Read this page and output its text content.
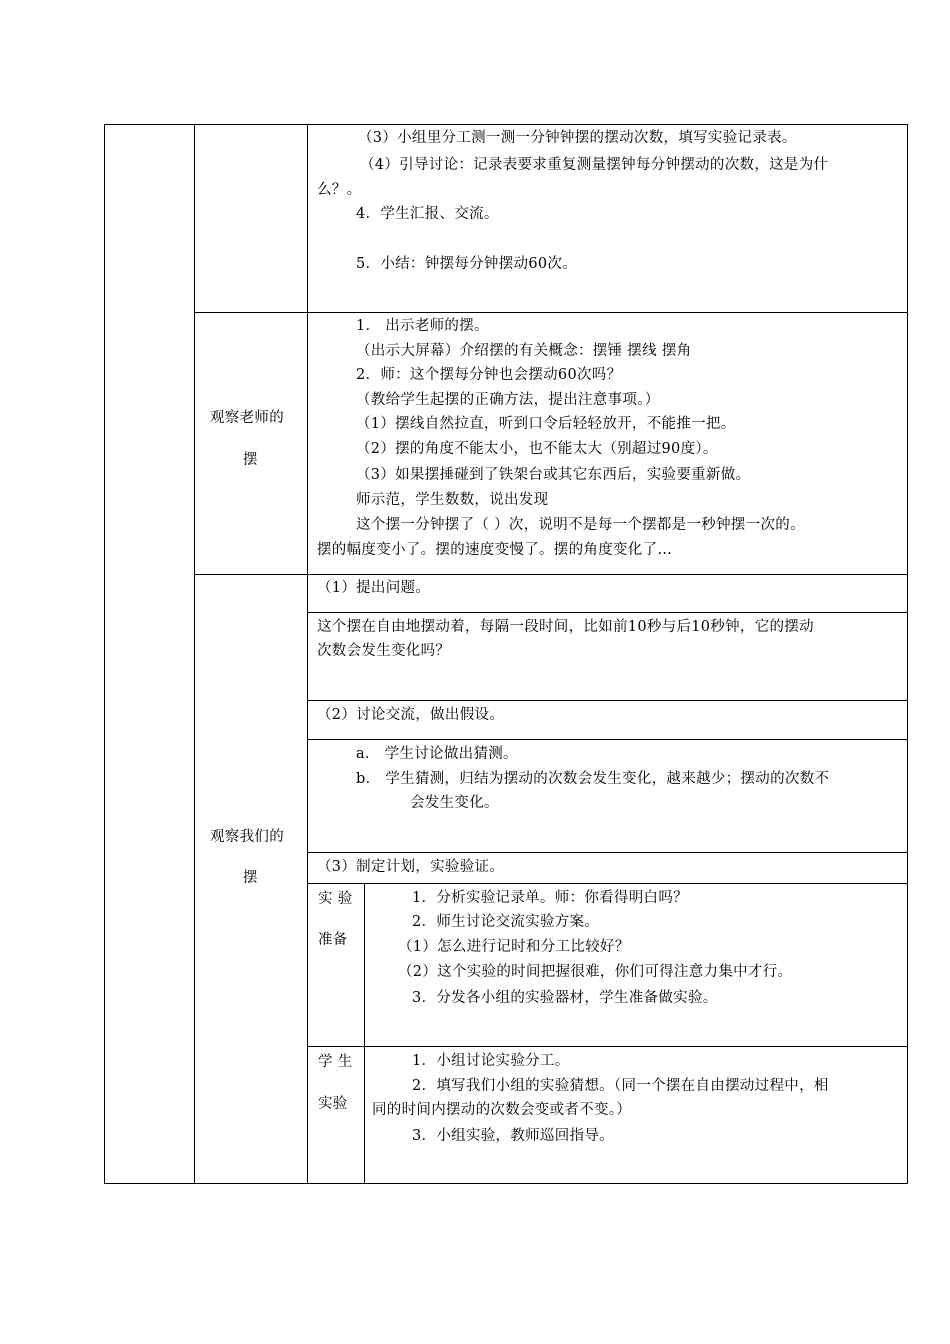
（3）小组里分工测一测一分钟钟摆的摆动次数，填写实验记录表。
（4）引导讨论：记录表要求重复测量摆钟每分钟摆动的次数，这是为什
么？。
4．学生汇报、交流。
5．小结：钟摆每分钟摆动60次。
观察老师的
摆
1． 出示老师的摆。
（出示大屏幕）介绍摆的有关概念：摆锤 摆线 摆角
2．师：这个摆每分钟也会摆动60次吗？
（教给学生起摆的正确方法，提出注意事项。）
（1）摆线自然拉直，听到口令后轻轻放开，不能推一把。
（2）摆的角度不能太小，也不能太大（别超过90度）。
（3）如果摆捶碰到了铁架台或其它东西后，实验要重新做。
师示范，学生数数，说出发现
这个摆一分钟摆了（ ）次，说明不是每一个摆都是一秒钟摆一次的。
摆的幅度变小了。摆的速度变慢了。摆的角度变化了…
观察我们的
摆
（1）提出问题。
这个摆在自由地摆动着，每隔一段时间，比如前10秒与后10秒钟，它的摆动
次数会发生变化吗？
（2）讨论交流，做出假设。
a． 学生讨论做出猜测。
b． 学生猜测，归结为摆动的次数会发生变化，越来越少；摆动的次数不
会发生变化。
（3）制定计划，实验验证。
实 验
准备
1．分析实验记录单。师：你看得明白吗？
2．师生讨论交流实验方案。
（1）怎么进行记时和分工比较好？
（2）这个实验的时间把握很难，你们可得注意力集中才行。
3．分发各小组的实验器材，学生准备做实验。
学 生
实验
1．小组讨论实验分工。
2．填写我们小组的实验猜想。（同一个摆在自由摆动过程中，相
同的时间内摆动的次数会变或者不变。）
3．小组实验，教师巡回指导。
